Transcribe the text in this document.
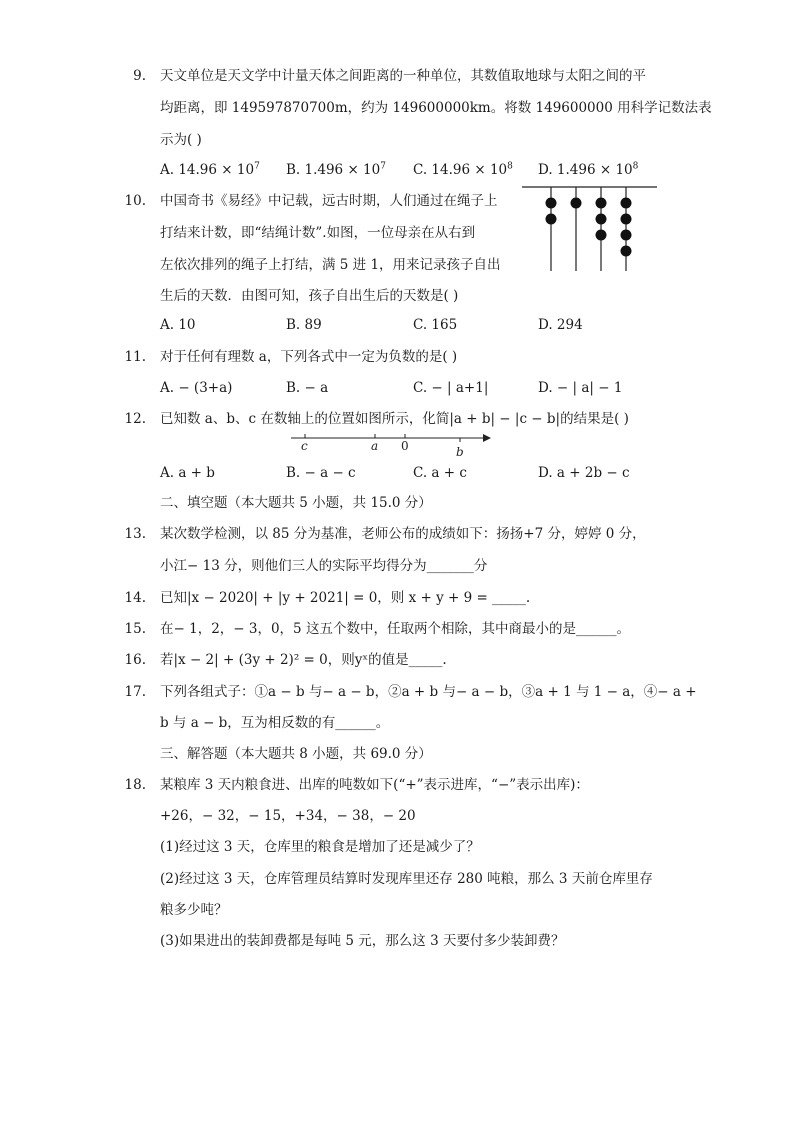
9. 天文单位是天文学中计量天体之间距离的一种单位，其数值取地球与太阳之间的平
均距离，即 149597870700m，约为 149600000km。将数 149600000 用科学记数法表
示为( )
A. $14.96 \times 10^7$ B. $1.496 \times 10^7$ C. $14.96 \times 10^8$ D. $1.496 \times 10^8$
10. 中国奇书《易经》中记载，远古时期，人们通过在绳子上
打结来计数，即“结绳计数”.如图，一位母亲在从右到
左依次排列的绳子上打结，满 5 进 1，用来记录孩子自出
生后的天数．由图可知，孩子自出生后的天数是( )
A. 10	B. 89	C. 165	D. 294
11. 对于任何有理数 a，下列各式中一定为负数的是( )
A. − (3+a)	B. − a	C. − | a+1|	D. − | a| − 1
12. 已知数 a、b、c 在数轴上的位置如图所示，化简|a + b| − |c − b|的结果是( )
c	a 0	b
A. a + b	B. − a − c	C. a + c	D. a + 2b − c
二、填空题（本大题共 5 小题，共 15.0 分）
13. 某次数学检测，以 85 分为基准，老师公布的成绩如下：扬扬+7 分，婷婷 0 分，
小江− 13 分，则他们三人的实际平均得分为_______分
14. 已知|x − 2020| + |y + 2021| = 0，则 x + y + 9 = _____.
15. 在− 1，2，− 3，0，5 这五个数中，任取两个相除，其中商最小的是______。
16. 若|x − 2| + (3y + 2)² = 0，则yˣ的值是_____.
17. 下列各组式子：①a − b 与− a − b，②a + b 与− a − b，③a + 1 与 1 − a，④− a +
b 与 a − b，互为相反数的有______。
三、解答题（本大题共 8 小题，共 69.0 分）
18. 某粮库 3 天内粮食进、出库的吨数如下(“+”表示进库，“−”表示出库)：
+26，− 32，− 15，+34，− 38，− 20
(1)经过这 3 天，仓库里的粮食是增加了还是减少了？
(2)经过这 3 天，仓库管理员结算时发现库里还存 280 吨粮，那么 3 天前仓库里存
粮多少吨？
(3)如果进出的装卸费都是每吨 5 元，那么这 3 天要付多少装卸费？
